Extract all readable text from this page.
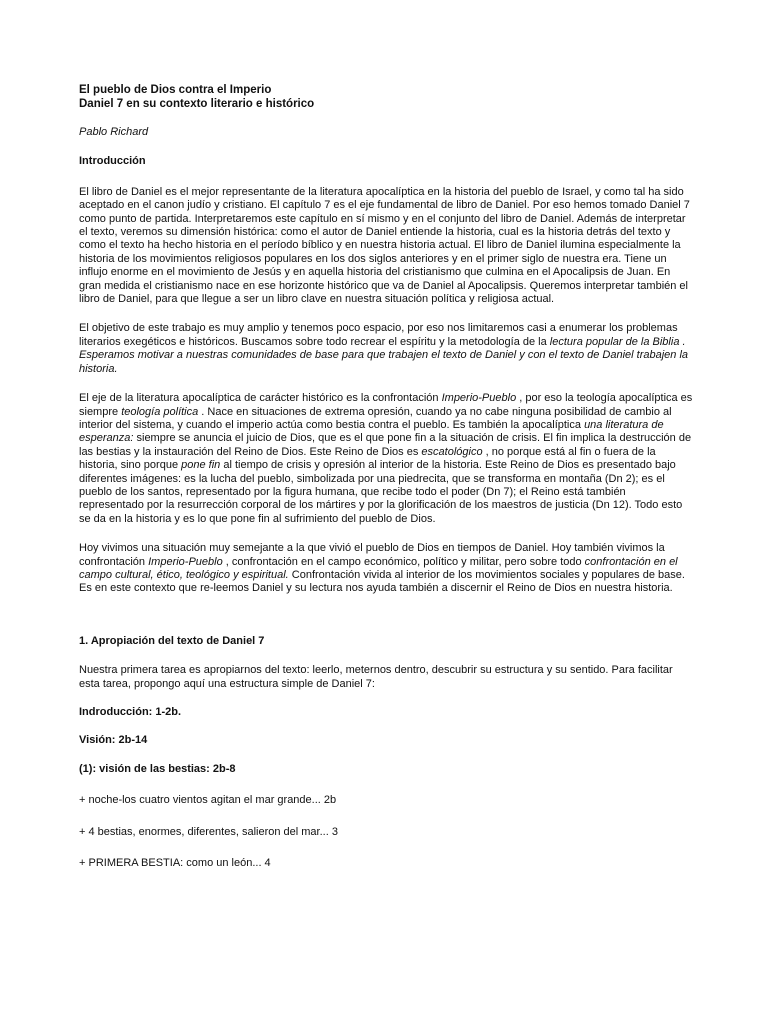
El pueblo de Dios contra el Imperio

Daniel 7 en su contexto literario e histórico

Pablo Richard

Introducción

El libro de Daniel es el mejor representante de la literatura apocalíptica en la historia del pueblo de Israel, y como tal ha sido aceptado en el canon judío y cristiano. El capítulo 7 es el eje fundamental de libro de Daniel. Por eso hemos tomado Daniel 7 como punto de partida. Interpretaremos este capítulo en sí mismo y en el conjunto del libro de Daniel. Además de interpretar el texto, veremos su dimensión histórica: como el autor de Daniel entiende la historia, cual es la historia detrás del texto y como el texto ha hecho historia en el período bíblico y en nuestra historia actual. El libro de Daniel ilumina especialmente la historia de los movimientos religiosos populares en los dos siglos anteriores y en el primer siglo de nuestra era. Tiene un influjo enorme en el movimiento de Jesús y en aquella historia del cristianismo que culmina en el Apocalipsis de Juan. En gran medida el cristianismo nace en ese horizonte histórico que va de Daniel al Apocalipsis. Queremos interpretar también el libro de Daniel, para que llegue a ser un libro clave en nuestra situación política y religiosa actual.

El objetivo de este trabajo es muy amplio y tenemos poco espacio, por eso nos limitaremos casi a enumerar los problemas literarios exegéticos e históricos. Buscamos sobre todo recrear el espíritu y la metodología de la lectura popular de la Biblia . Esperamos motivar a nuestras comunidades de base para que trabajen el texto de Daniel y con el texto de Daniel trabajen la historia.

El eje de la literatura apocalíptica de carácter histórico es la confrontación Imperio-Pueblo , por eso la teología apocalíptica es siempre teología política . Nace en situaciones de extrema opresión, cuando ya no cabe ninguna posibilidad de cambio al interior del sistema, y cuando el imperio actúa como bestia contra el pueblo. Es también la apocalíptica una literatura de esperanza: siempre se anuncia el juicio de Dios, que es el que pone fin a la situación de crisis. El fin implica la destrucción de las bestias y la instauración del Reino de Dios. Este Reino de Dios es escatológico , no porque está al fin o fuera de la historia, sino porque pone fin al tiempo de crisis y opresión al interior de la historia. Este Reino de Dios es presentado bajo diferentes imágenes: es la lucha del pueblo, simbolizada por una piedrecita, que se transforma en montaña (Dn 2); es el pueblo de los santos, representado por la figura humana, que recibe todo el poder (Dn 7); el Reino está también representado por la resurrección corporal de los mártires y por la glorificación de los maestros de justicia (Dn 12). Todo esto se da en la historia y es lo que pone fin al sufrimiento del pueblo de Dios.

Hoy vivimos una situación muy semejante a la que vivió el pueblo de Dios en tiempos de Daniel. Hoy también vivimos la confrontación Imperio-Pueblo , confrontación en el campo económico, político y militar, pero sobre todo confrontación en el campo cultural, ético, teológico y espiritual. Confrontación vivida al interior de los movimientos sociales y populares de base. Es en este contexto que re-leemos Daniel y su lectura nos ayuda también a discernir el Reino de Dios en nuestra historia.

1. Apropiación del texto de Daniel 7

Nuestra primera tarea es apropiarnos del texto: leerlo, meternos dentro, descubrir su estructura y su sentido. Para facilitar esta tarea, propongo aquí una estructura simple de Daniel 7:

Indroducción: 1-2b.

Visión: 2b-14

(1): visión de las bestias: 2b-8

+ noche-los cuatro vientos agitan el mar grande... 2b

+ 4 bestias, enormes, diferentes, salieron del mar... 3

+ PRIMERA BESTIA: como un león... 4
